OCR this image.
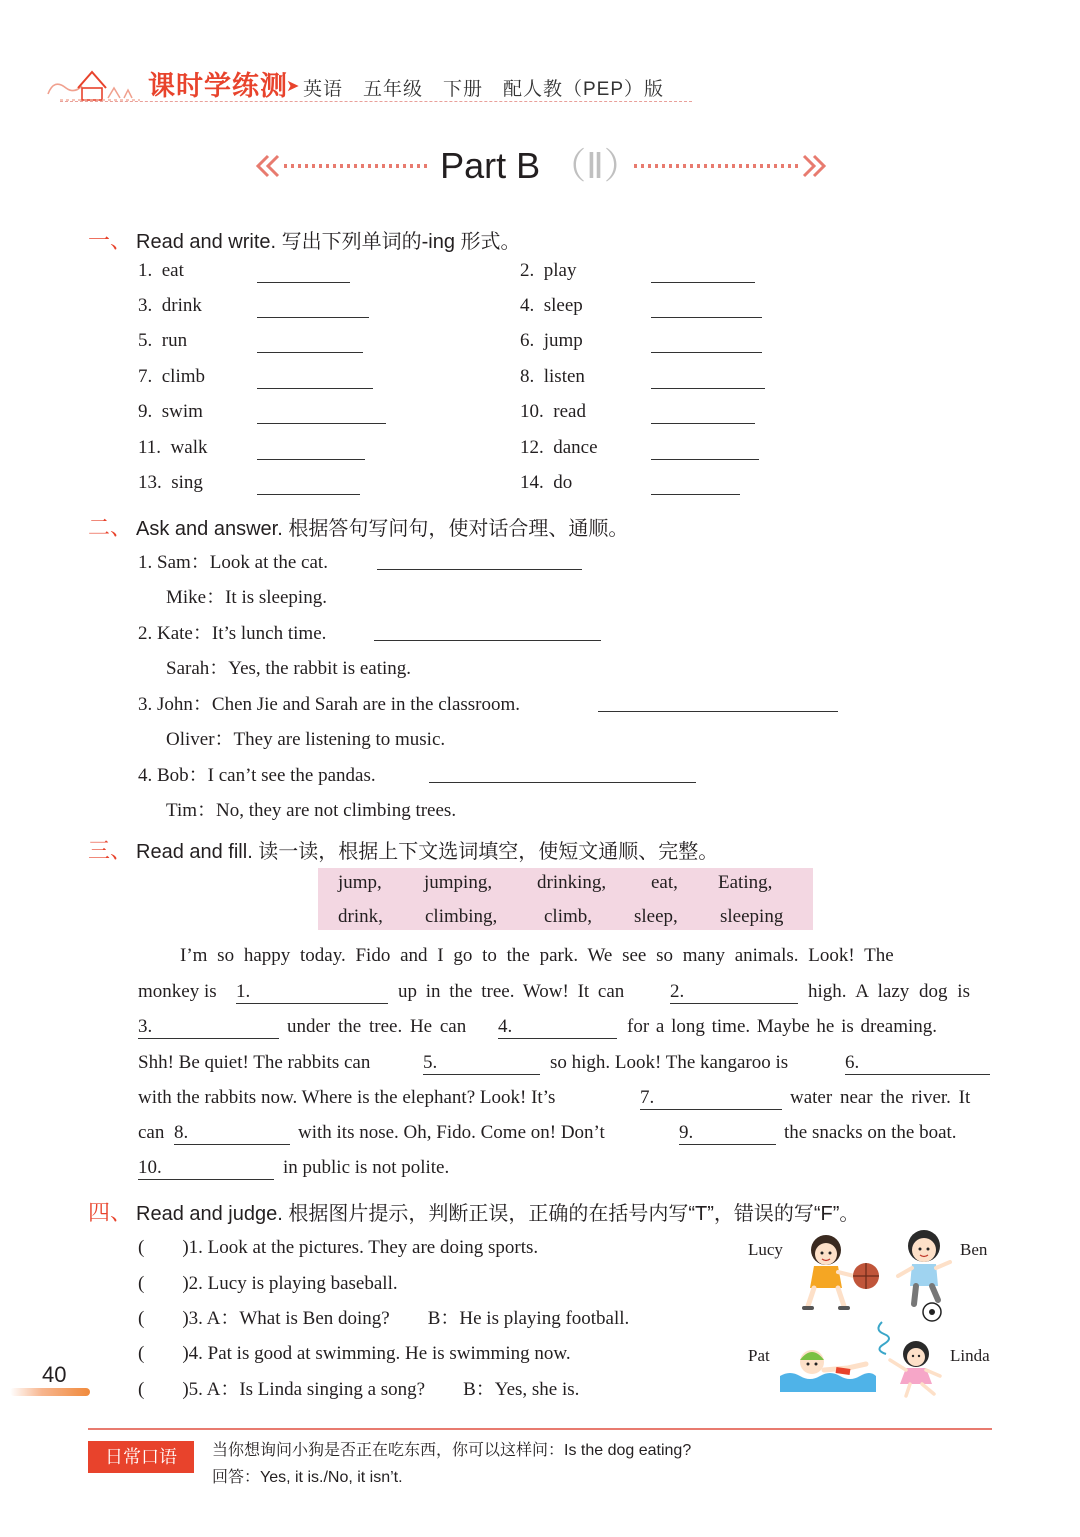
课时学练测
➤ 英语　五年级　下册　配人教（PEP）版
Part B （Ⅱ）
一、 Read and write. 写出下列单词的-ing 形式。
1. eat	2. play
3. drink	4. sleep
5. run	6. jump
7. climb	8. listen
9. swim	10. read
11. walk	12. dance
13. sing	14. do
二、 Ask and answer. 根据答句写问句，使对话合理、通顺。
1. Sam：Look at the cat.
Mike：It is sleeping.
2. Kate：It’s lunch time.
Sarah：Yes, the rabbit is eating.
3. John：Chen Jie and Sarah are in the classroom.
Oliver：They are listening to music.
4. Bob：I can’t see the pandas.
Tim：No, they are not climbing trees.
三、 Read and fill. 读一读，根据上下文选词填空，使短文通顺、完整。
jump, jumping, drinking, eat, Eating,
drink, climbing, climb, sleep, sleeping
I’m so happy today. Fido and I go to the park. We see so many animals. Look! The
monkey is 1.	up in the tree. Wow! It can 2.	high. A lazy dog is
3.	under the tree. He can 4.	for a long time. Maybe he is dreaming.
Shh! Be quiet! The rabbits can	5.	so high. Look! The kangaroo is	6.
with the rabbits now. Where is the elephant? Look! It’s	7.	water near the river. It
can 8.	with its nose. Oh, Fido. Come on! Don’t	9.	the snacks on the boat.
10.	in public is not polite.
四、 Read and judge. 根据图片提示，判断正误，正确的在括号内写“T”，错误的写“F”。
(　　)1. Look at the pictures. They are doing sports.
(　　)2. Lucy is playing baseball.
(　　)3. A：What is Ben doing?　　B：He is playing football.
(　　)4. Pat is good at swimming. He is swimming now.
(　　)5. A：Is Linda singing a song?　　B：Yes, she is.
Lucy	Ben
Pat	Linda
40
日常口语	当你想询问小狗是否正在吃东西，你可以这样问：Is the dog eating?
回答：Yes, it is./No, it isn’t.
